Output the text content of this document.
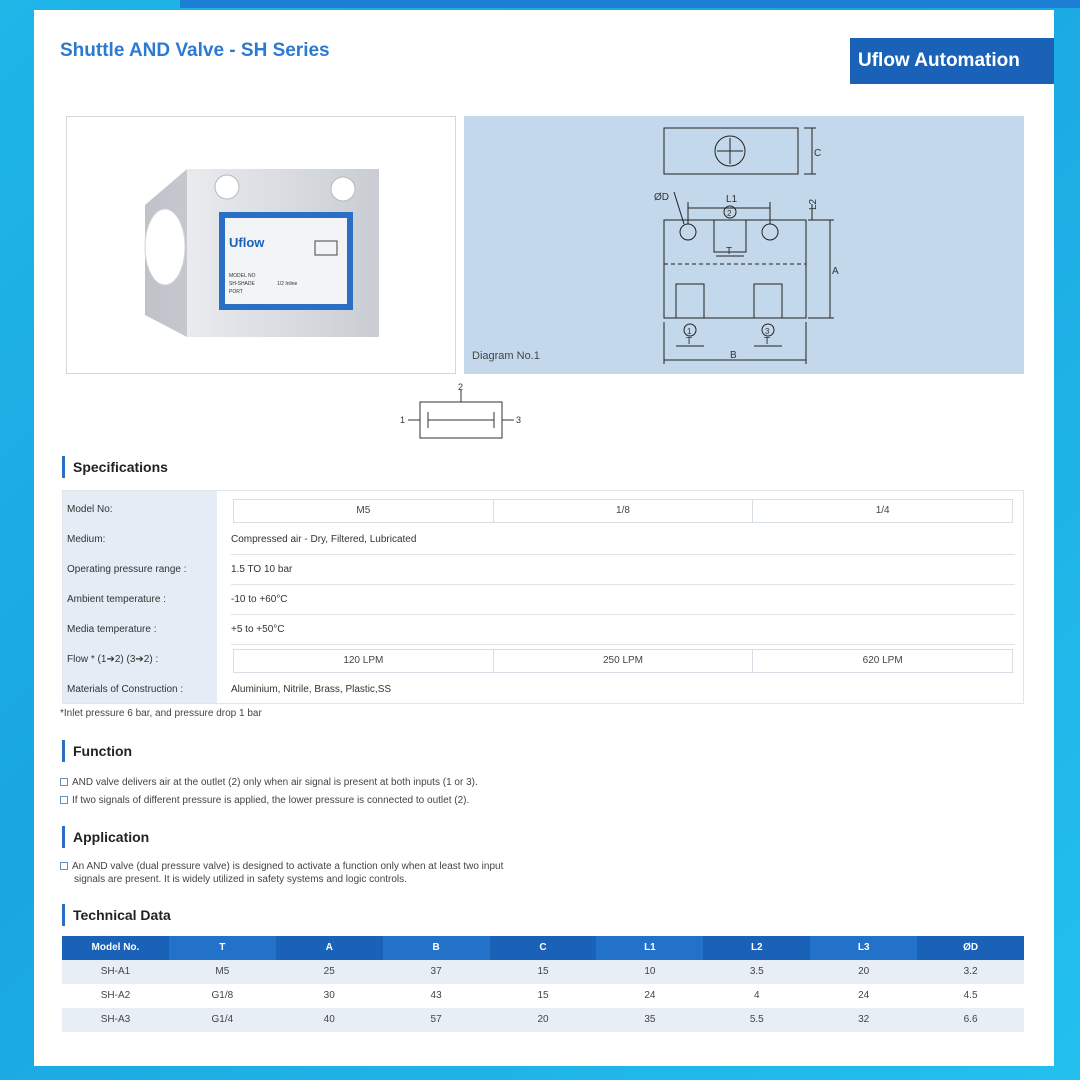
Shuttle AND Valve - SH Series	Uflow Automation
Uflow
MODEL NO
SH-SHADE	1/2 Inline
PORT
ØD	L1	L2
A
B
C
T
T	T
1	3
2
Diagram No.1
2
1	3
Specifications
Model No:	M5	1/8	1/4
Medium:	Compressed air - Dry, Filtered, Lubricated
Operating pressure range :	1.5 TO 10 bar
Ambient temperature :	-10 to +60°C
Media temperature :	+5 to +50°C
Flow * (1➔2) (3➔2) :	120 LPM	250 LPM	620 LPM
Materials of Construction :	Aluminium, Nitrile, Brass, Plastic,SS
*Inlet pressure 6 bar, and pressure drop 1 bar
Function
AND valve delivers air at the outlet (2) only when air signal is present at both inputs (1 or 3).
If two signals of different pressure is applied, the lower pressure is connected to outlet (2).
Application
An AND valve (dual pressure valve) is designed to activate a function only when at least two input
signals are present. It is widely utilized in safety systems and logic controls.
Technical Data
Model No.	T	A	B	C	L1	L2	L3	ØD
SH-A1	M5	25	37	15	10	3.5	20	3.2
SH-A2	G1/8	30	43	15	24	4	24	4.5
SH-A3	G1/4	40	57	20	35	5.5	32	6.6
